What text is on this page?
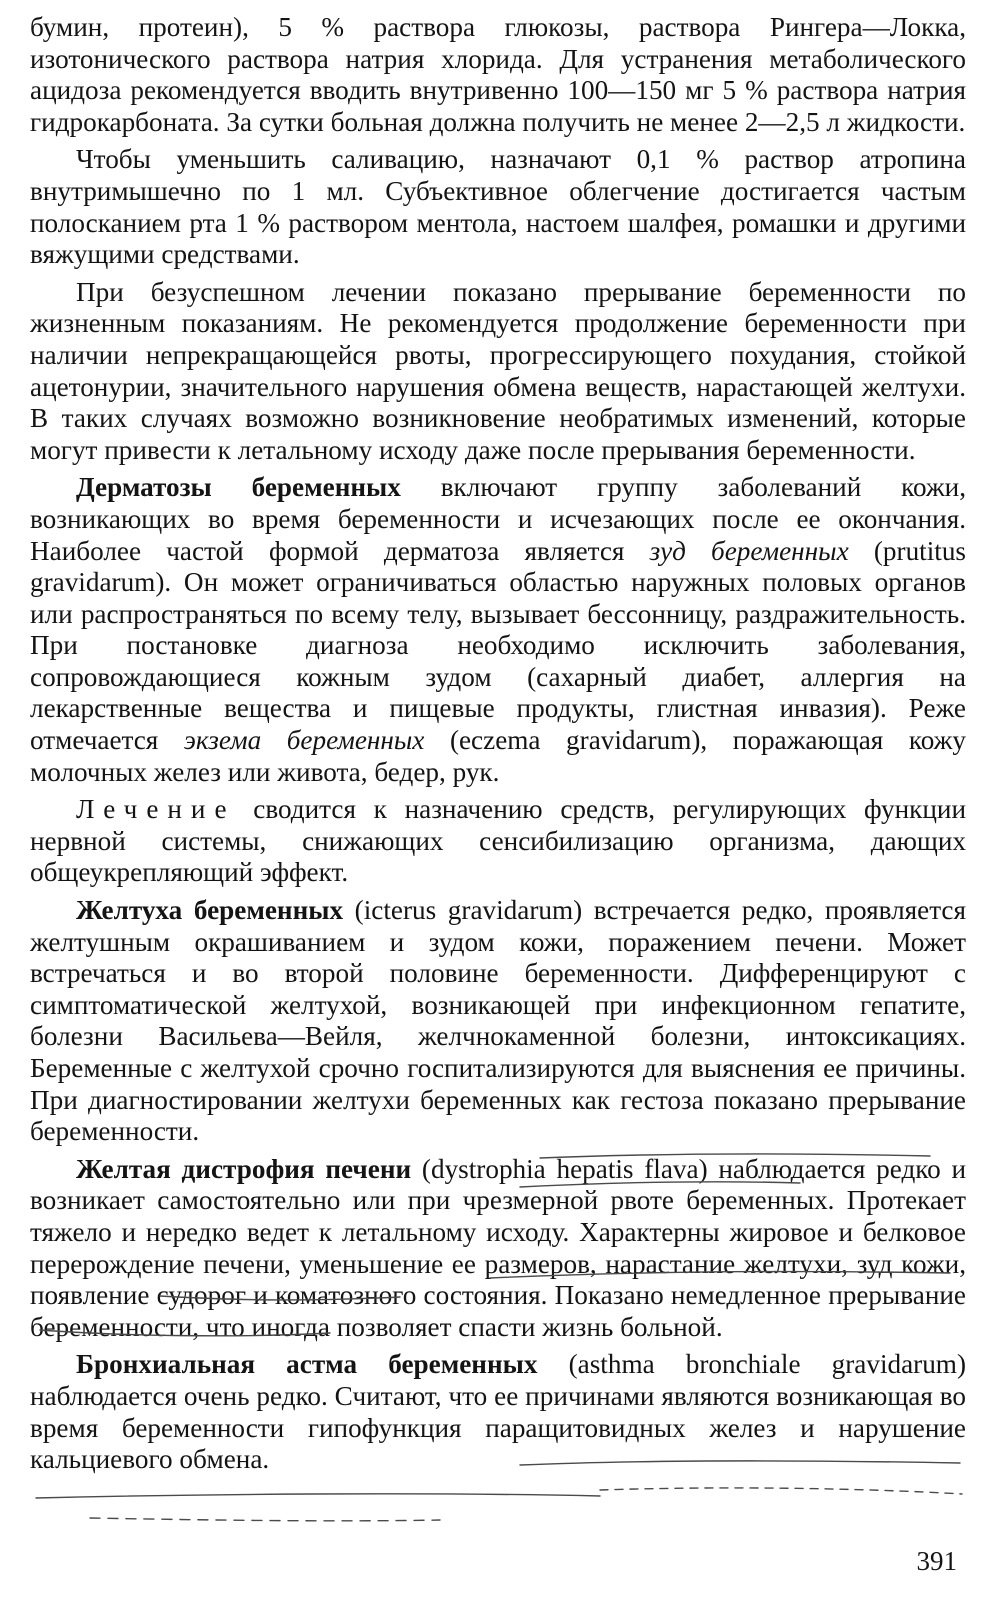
бумин, протеин), 5 % раствора глюкозы, раствора Рингера—Локка, изотонического раствора натрия хлорида. Для устранения метаболического ацидоза рекомендуется вводить внутривенно 100—150 мг 5 % раствора натрия гидрокарбоната. За сутки больная должна получить не менее 2—2,5 л жидкости.

Чтобы уменьшить саливацию, назначают 0,1 % раствор атропина внутримышечно по 1 мл. Субъективное облегчение достигается частым полосканием рта 1 % раствором ментола, настоем шалфея, ромашки и другими вяжущими средствами.

При безуспешном лечении показано прерывание беременности по жизненным показаниям. Не рекомендуется продолжение беременности при наличии непрекращающейся рвоты, прогрессирующего похудания, стойкой ацетонурии, значительного нарушения обмена веществ, нарастающей желтухи. В таких случаях возможно возникновение необратимых изменений, которые могут привести к летальному исходу даже после прерывания беременности.

Дерматозы беременных включают группу заболеваний кожи, возникающих во время беременности и исчезающих после ее окончания. Наиболее частой формой дерматоза является зуд беременных (prutitus gravidarum). Он может ограничиваться областью наружных половых органов или распространяться по всему телу, вызывает бессонницу, раздражительность. При постановке диагноза необходимо исключить заболевания, сопровождающиеся кожным зудом (сахарный диабет, аллергия на лекарственные вещества и пищевые продукты, глистная инвазия). Реже отмечается экзема беременных (eczema gravidarum), поражающая кожу молочных желез или живота, бедер, рук.

Лечение сводится к назначению средств, регулирующих функции нервной системы, снижающих сенсибилизацию организма, дающих общеукрепляющий эффект.

Желтуха беременных (icterus gravidarum) встречается редко, проявляется желтушным окрашиванием и зудом кожи, поражением печени. Может встречаться и во второй половине беременности. Дифференцируют с симптоматической желтухой, возникающей при инфекционном гепатите, болезни Васильева—Вейля, желчнокаменной болезни, интоксикациях. Беременные с желтухой срочно госпитализируются для выяснения ее причины. При диагностировании желтухи беременных как гестоза показано прерывание беременности.

Желтая дистрофия печени (dystrophia hepatis flava) наблюдается редко и возникает самостоятельно или при чрезмерной рвоте беременных. Протекает тяжело и нередко ведет к летальному исходу. Характерны жировое и белковое перерождение печени, уменьшение ее размеров, нарастание желтухи, зуд кожи, появление судорог и коматозного состояния. Показано немедленное прерывание беременности, что иногда позволяет спасти жизнь больной.

Бронхиальная астма беременных (asthma bronchiale gravidarum) наблюдается очень редко. Считают, что ее причинами являются возникающая во время беременности гипофункция паращитовидных желез и нарушение кальциевого обмена.

391
